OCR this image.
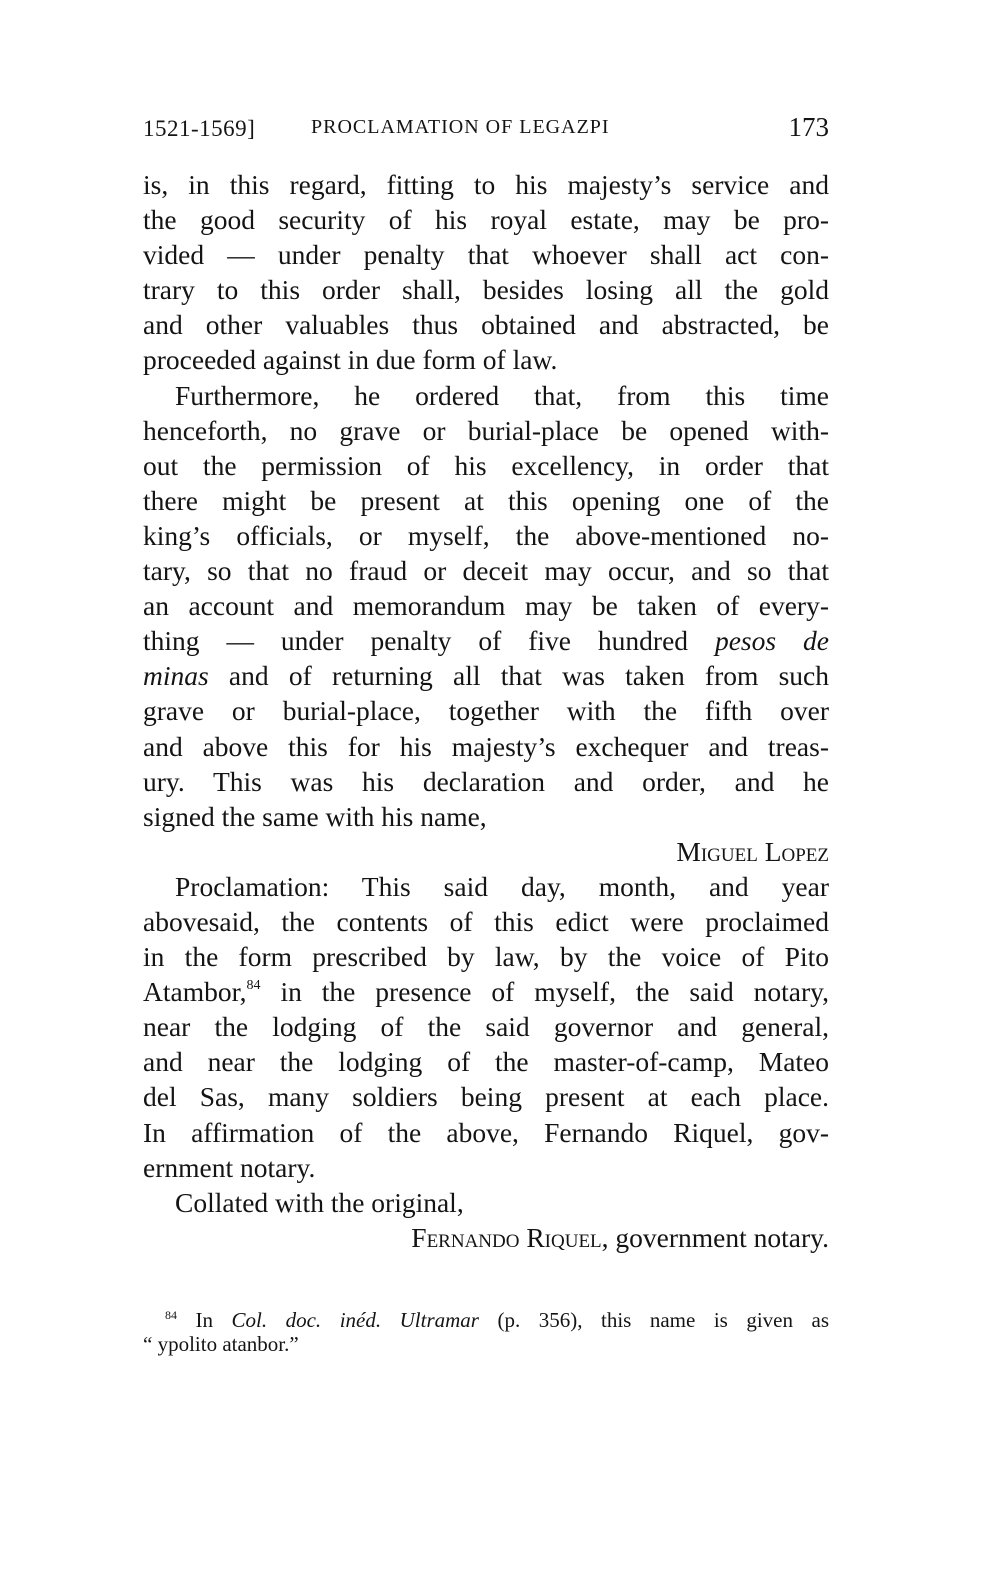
1521-1569]	PROCLAMATION OF LEGAZPI	173
is, in this regard, fitting to his majesty’s service and
the good security of his royal estate, may be pro-
vided — under penalty that whoever shall act con-
trary to this order shall, besides losing all the gold
and other valuables thus obtained and abstracted, be
proceeded against in due form of law.
Furthermore, he ordered that, from this time
henceforth, no grave or burial-place be opened with-
out the permission of his excellency, in order that
there might be present at this opening one of the
king’s officials, or myself, the above-mentioned no-
tary, so that no fraud or deceit may occur, and so that
an account and memorandum may be taken of every-
thing — under penalty of five hundred pesos de
minas and of returning all that was taken from such
grave or burial-place, together with the fifth over
and above this for his majesty’s exchequer and treas-
ury. This was his declaration and order, and he
signed the same with his name,
Miguel Lopez
Proclamation: This said day, month, and year
abovesaid, the contents of this edict were proclaimed
in the form prescribed by law, by the voice of Pito
Atambor,$^{84}$ in the presence of myself, the said notary,
near the lodging of the said governor and general,
and near the lodging of the master-of-camp, Mateo
del Sas, many soldiers being present at each place.
In affirmation of the above, Fernando Riquel, gov-
ernment notary.
Collated with the original,
Fernando Riquel, government notary.
$^{84}$ In Col. doc. inéd. Ultramar (p. 356), this name is given as
“ ypolito atanbor.”
